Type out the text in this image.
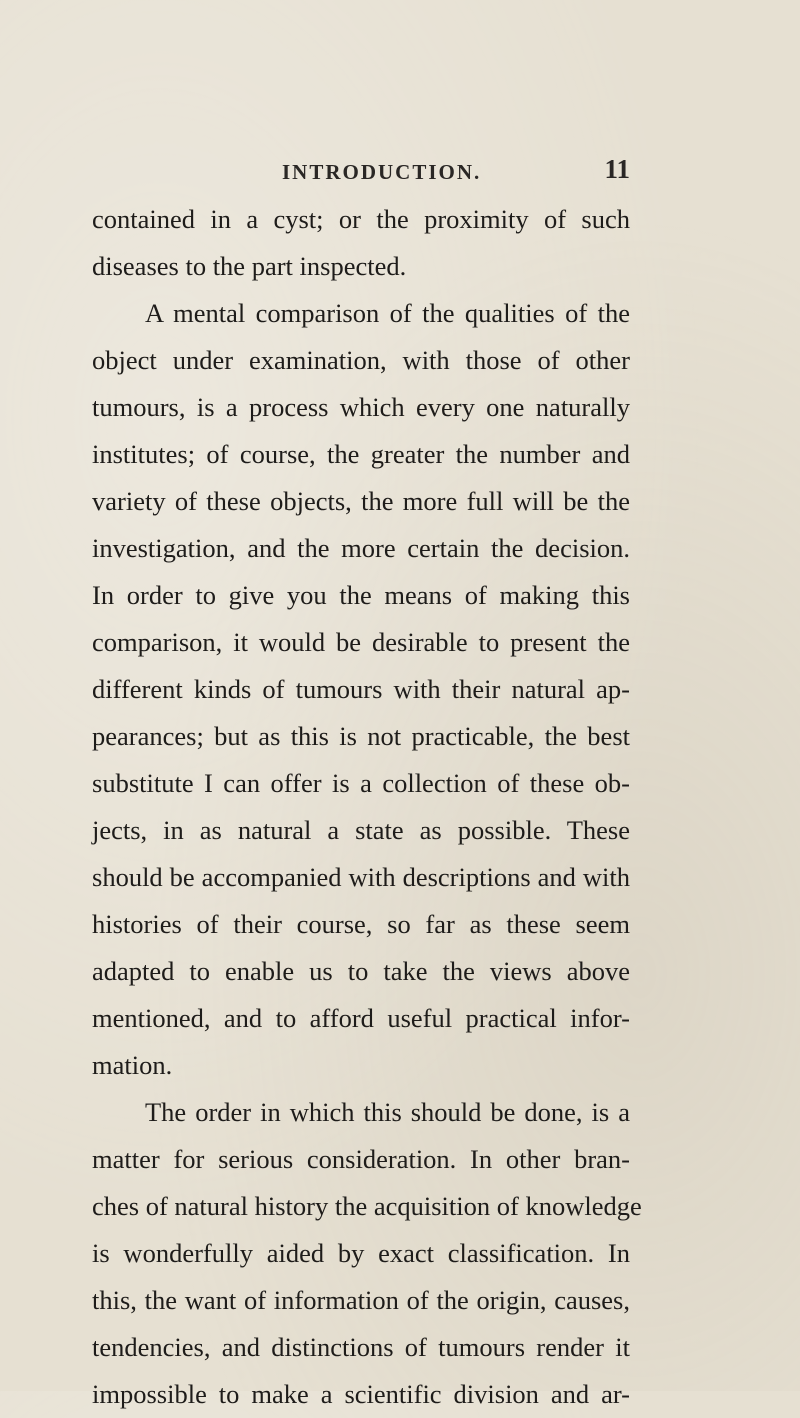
INTRODUCTION.	11
contained in a cyst; or the proximity of such
diseases to the part inspected.
A mental comparison of the qualities of the
object under examination, with those of other
tumours, is a process which every one naturally
institutes; of course, the greater the number and
variety of these objects, the more full will be the
investigation, and the more certain the decision.
In order to give you the means of making this
comparison, it would be desirable to present the
different kinds of tumours with their natural ap-
pearances; but as this is not practicable, the best
substitute I can offer is a collection of these ob-
jects, in as natural a state as possible. These
should be accompanied with descriptions and with
histories of their course, so far as these seem
adapted to enable us to take the views above
mentioned, and to afford useful practical infor-
mation.
The order in which this should be done, is a
matter for serious consideration. In other bran-
ches of natural history the acquisition of knowledge
is wonderfully aided by exact classification. In
this, the want of information of the origin, causes,
tendencies, and distinctions of tumours render it
impossible to make a scientific division and ar-
